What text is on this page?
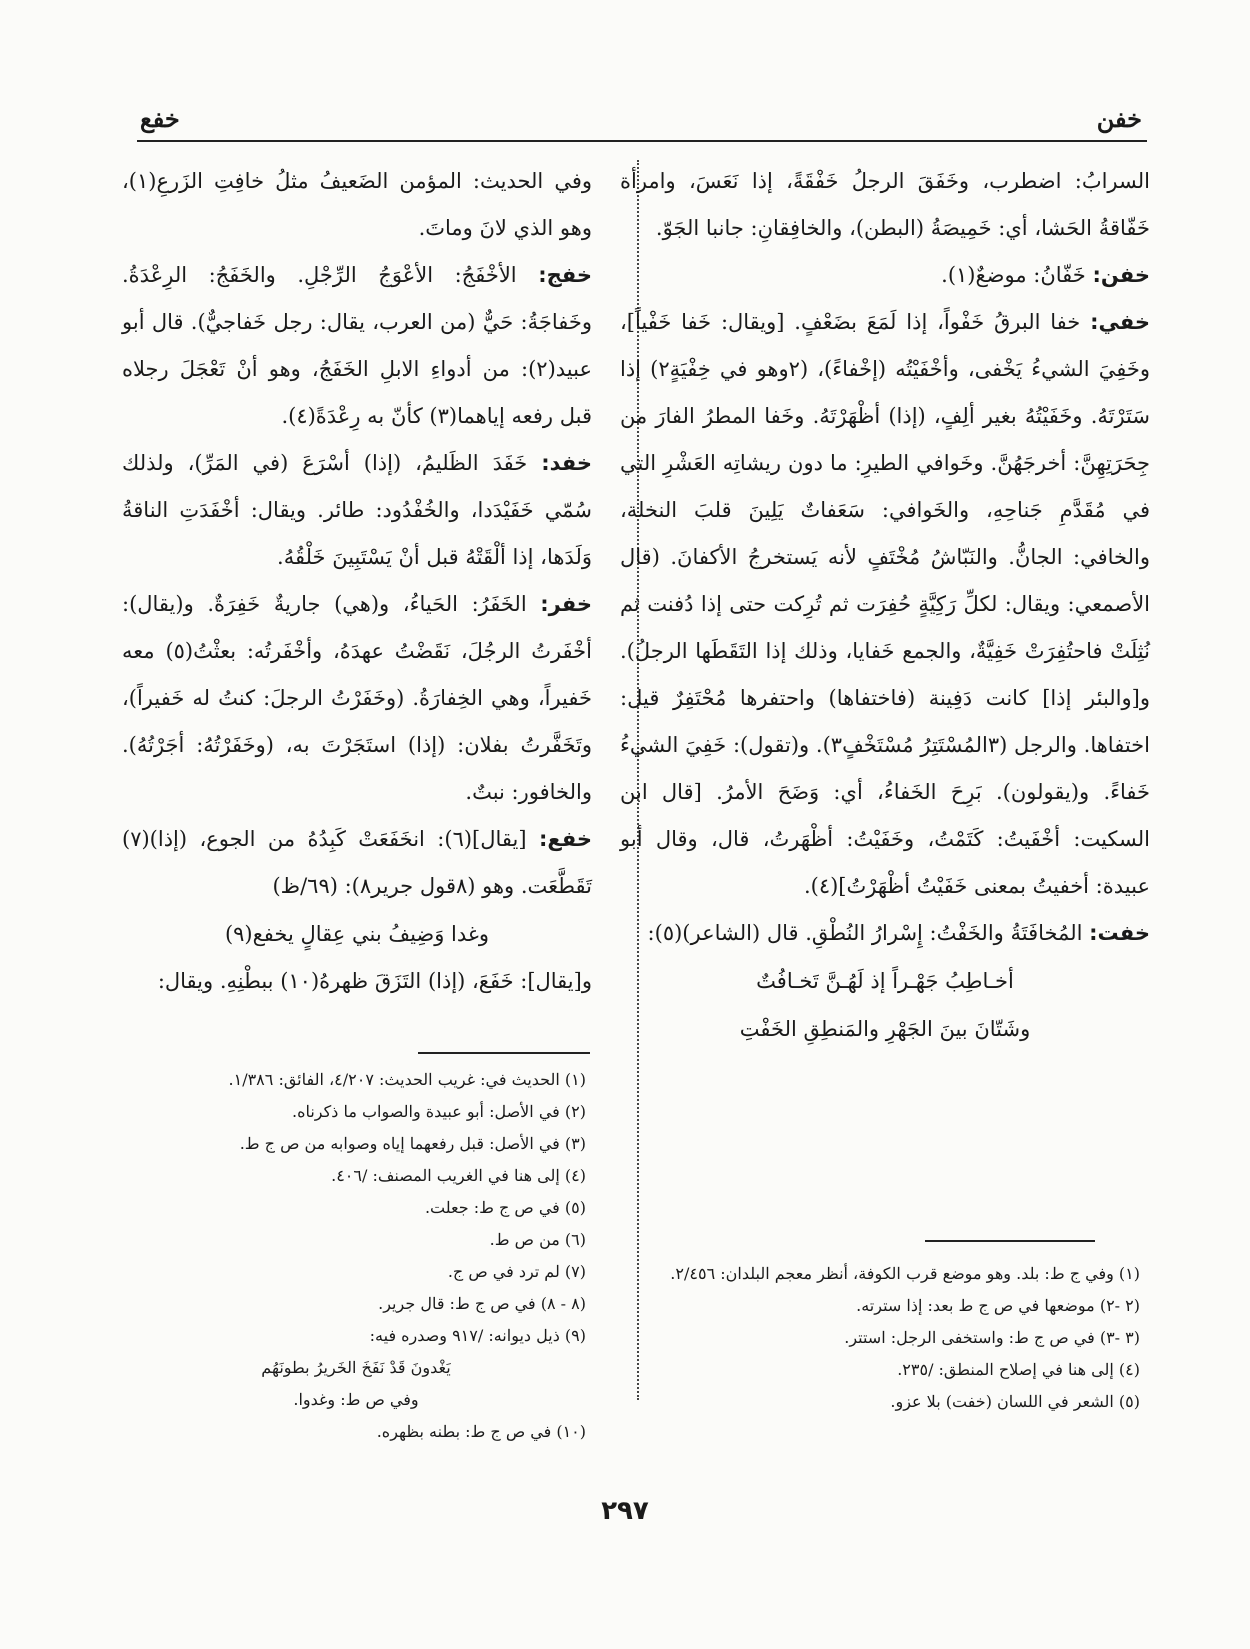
خفن
خفع

السرابُ: اضطرب، وخَفَقَ الرجلُ خَفْقَةً، إذا نَعَسَ، وامرأة خَفّاقةُ الحَشا، أي: خَمِيصَةُ (البطن)، والخافِقانِ: جانبا الجَوّ.

خفن: خَفّانُ: موضعٌ(١).

خفي: خفا البرقُ خَفْواً، إذا لَمَعَ بضَعْفٍ. [ويقال: خَفا خَفْياً]، وخَفِيَ الشيءُ يَخْفى، وأخْفَيْتُه (إخْفاءً)، (٢وهو في خِفْيَةٍ٢) إذا سَتَرْتَهُ. وخَفَيْتُهُ بغير ألِفٍ، (إذا) أظْهَرْتَهُ. وخَفا المطرُ الفارَ من جِحَرَتِهِنَّ: أخرجَهُنَّ. وخَوافي الطيرِ: ما دون ريشاتِه العَشْرِ التي في مُقَدَّمِ جَناحِهِ، والخَوافي: سَعَفاتٌ يَلِينَ قلبَ النخلة، والخافي: الجانُّ. والنَبّاشُ مُخْتَفٍ لأنه يَستخرجُ الأكفانَ. (قال الأصمعي: ويقال: لكلِّ رَكِيَّةٍ حُفِرَت ثم تُرِكت حتى إذا دُفنت ثم نُثِلَتْ فاحتُفِرَتْ خَفِيَّةٌ، والجمع خَفايا، وذلك إذا التَقَطَها الرجلُ). و[والبئر إذا] كانت دَفِينة (فاختفاها) واحتفرها مُحْتَفِرٌ قيل: اختفاها. والرجل (٣المُسْتَتِرُ مُسْتَخْفٍ٣). و(تقول): خَفِيَ الشيءُ خَفاءً. و(يقولون). بَرِحَ الخَفاءُ، أي: وَضَحَ الأمرُ. [قال ابن السكيت: أخْفَيتُ: كَتَمْتُ، وخَفَيْتُ: أظْهَرتُ، قال، وقال أبو عبيدة: أخفيتُ بمعنى خَفَيْتُ أظْهَرْتُ](٤).

خفت: المُخافَتَةُ والخَفْتُ: إِسْرارُ النُطْقِ. قال (الشاعر)(٥):

أخـاطِبُ جَهْـراً إذ لَهُـنَّ تَخـافُتٌ

وشَتّانَ بينَ الجَهْرِ والمَنطِقِ الخَفْتِ

وفي الحديث: المؤمن الضَعيفُ مثلُ خافِتِ الزَرعِ(١)، وهو الذي لانَ وماتَ.

خفج: الأخْفَجُ: الأعْوَجُ الرِّجْلِ. والخَفَجُ: الرِعْدَةُ. وخَفاجَةُ: حَيٌّ (من العرب، يقال: رجل خَفاجيٌّ). قال أبو عبيد(٢): من أدواءِ الابلِ الخَفَجُ، وهو أنْ تَعْجَلَ رجلاه قبل رفعه إياهما(٣) كأنّ به رِعْدَةً(٤).

خفد: خَفَدَ الظَليمُ، (إذا) أسْرَعَ (في المَرِّ)، ولذلك سُمّي خَفَيْدَدا، والخُفْدُود: طائر. ويقال: أخْفَدَتِ الناقةُ وَلَدَها، إذا ألْقَتْهُ قبل أنْ يَسْتَبِينَ خَلْقُهُ.

خفر: الخَفَرُ: الحَياءُ، و(هي) جاريةٌ خَفِرَةٌ. و(يقال): أخْفَرتُ الرجُلَ، نَقَضْتُ عهدَهُ، وأخْفَرتُه: بعثْتُ(٥) معه خَفيراً، وهي الخِفارَةُ. (وخَفَرْتُ الرجلَ: كنتُ له خَفيراً)، وتَخَفَّرتُ بفلان: (إذا) استَجَرْتَ به، (وخَفَرْتُهُ: أجَرْتُهُ). والخافور: نبتٌ.

خفع: [يقال](٦): انخَفَعَتْ كَبِدُهُ من الجوع، (إذا)(٧) تَقَطَّعَت. وهو (٨قول جرير٨): (٦٩/ظ)

وغدا وَضِيفُ بني عِقالٍ يخفع(٩)

و[يقال]: خَفَعَ، (إذا) التَزَقَ ظهرهُ(١٠) ببطْنِهِ. ويقال:

(١) الحديث في: غريب الحديث: ٤/٢٠٧، الفائق: ١/٣٨٦.

(٢) في الأصل: أبو عبيدة والصواب ما ذكرناه.

(٣) في الأصل: قبل رفعهما إياه وصوابه من ص ج ط.

(٤) إلى هنا في الغريب المصنف: /٤٠٦.

(٥) في ص ج ط: جعلت.

(٦) من ص ط.

(٧) لم ترد في ص ج.

(٨ - ٨) في ص ج ط: قال جرير.

(٩) ذيل ديوانه: /٩١٧ وصدره فيه:

يَغْدونَ قَدْ نَفَخَ الخَريرُ بطونَهُم

وفي ص ط: وغدوا.

(١٠) في ص ج ط: بطنه بظهره.

(١) وفي ج ط: بلد. وهو موضع قرب الكوفة، أنظر معجم البلدان: ٢/٤٥٦.

(٢ -٢) موضعها في ص ج ط بعد: إذا سترته.

(٣ -٣) في ص ج ط: واستخفى الرجل: استتر.

(٤) إلى هنا في إصلاح المنطق: /٢٣٥.

(٥) الشعر في اللسان (خفت) بلا عزو.

٢٩٧
